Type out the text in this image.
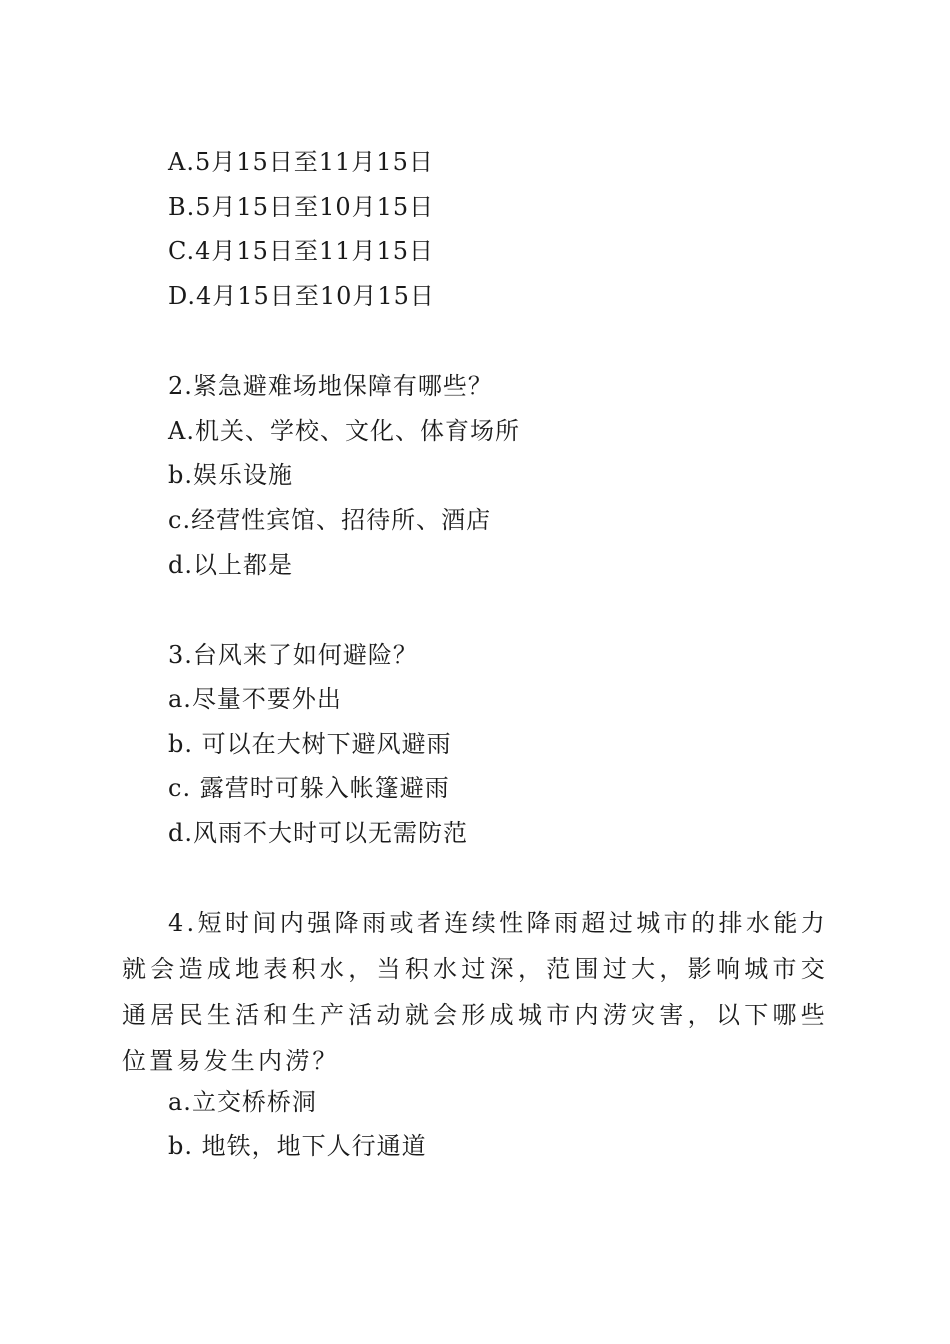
A.5月15日至11月15日
B.5月15日至10月15日
C.4月15日至11月15日
D.4月15日至10月15日
2.紧急避难场地保障有哪些？
A.机关、学校、文化、体育场所
b.娱乐设施
c.经营性宾馆、招待所、酒店
d.以上都是
3.台风来了如何避险？
a.尽量不要外出
b. 可以在大树下避风避雨
c. 露营时可躲入帐篷避雨
d.风雨不大时可以无需防范
4.短时间内强降雨或者连续性降雨超过城市的排水能力就会造成地表积水，当积水过深，范围过大，影响城市交通居民生活和生产活动就会形成城市内涝灾害，以下哪些位置易发生内涝？
a.立交桥桥洞
b. 地铁，地下人行通道
